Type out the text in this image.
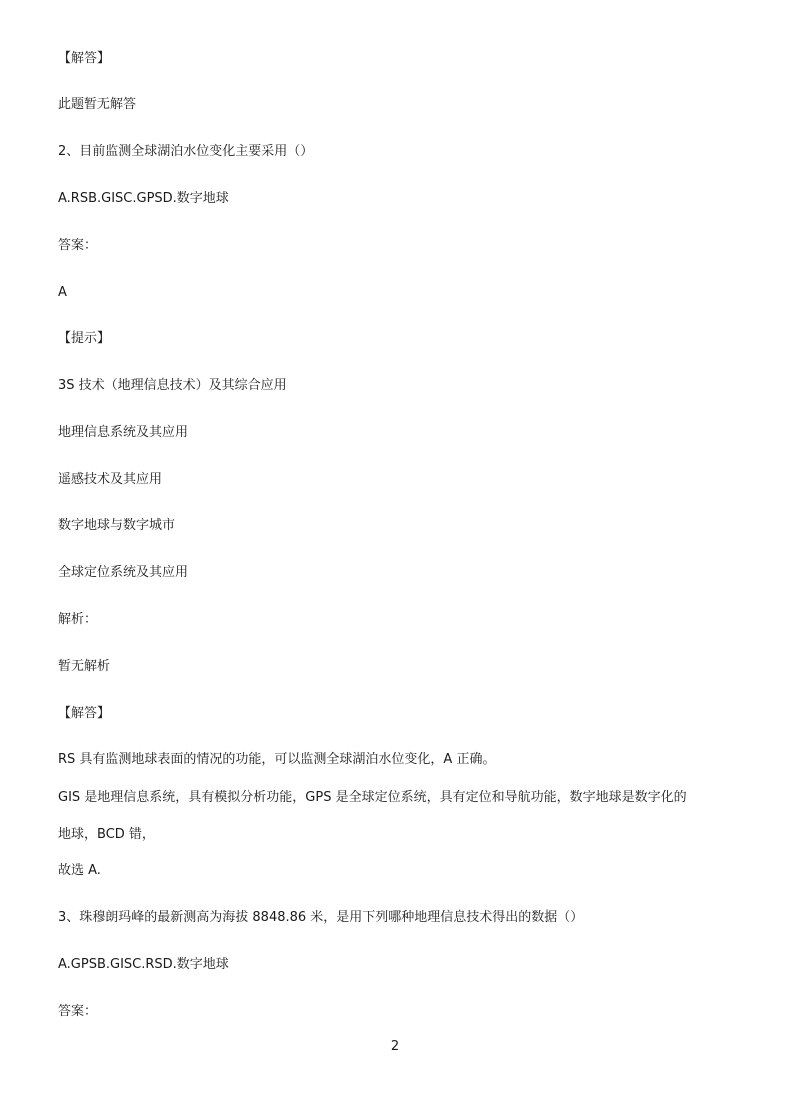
【解答】
此题暂无解答
2、目前监测全球湖泊水位变化主要采用（）
A.RSB.GISC.GPSD.数字地球
答案：
A
【提示】
3S 技术（地理信息技术）及其综合应用
地理信息系统及其应用
遥感技术及其应用
数字地球与数字城市
全球定位系统及其应用
解析：
暂无解析
【解答】
RS 具有监测地球表面的情况的功能，可以监测全球湖泊水位变化，A 正确。
GIS 是地理信息系统，具有模拟分析功能，GPS 是全球定位系统，具有定位和导航功能，数字地球是数字化的
地球，BCD 错，
故选 A.
3、珠穆朗玛峰的最新测高为海拔 8848.86 米，是用下列哪种地理信息技术得出的数据（）
A.GPSB.GISC.RSD.数字地球
答案：
2
